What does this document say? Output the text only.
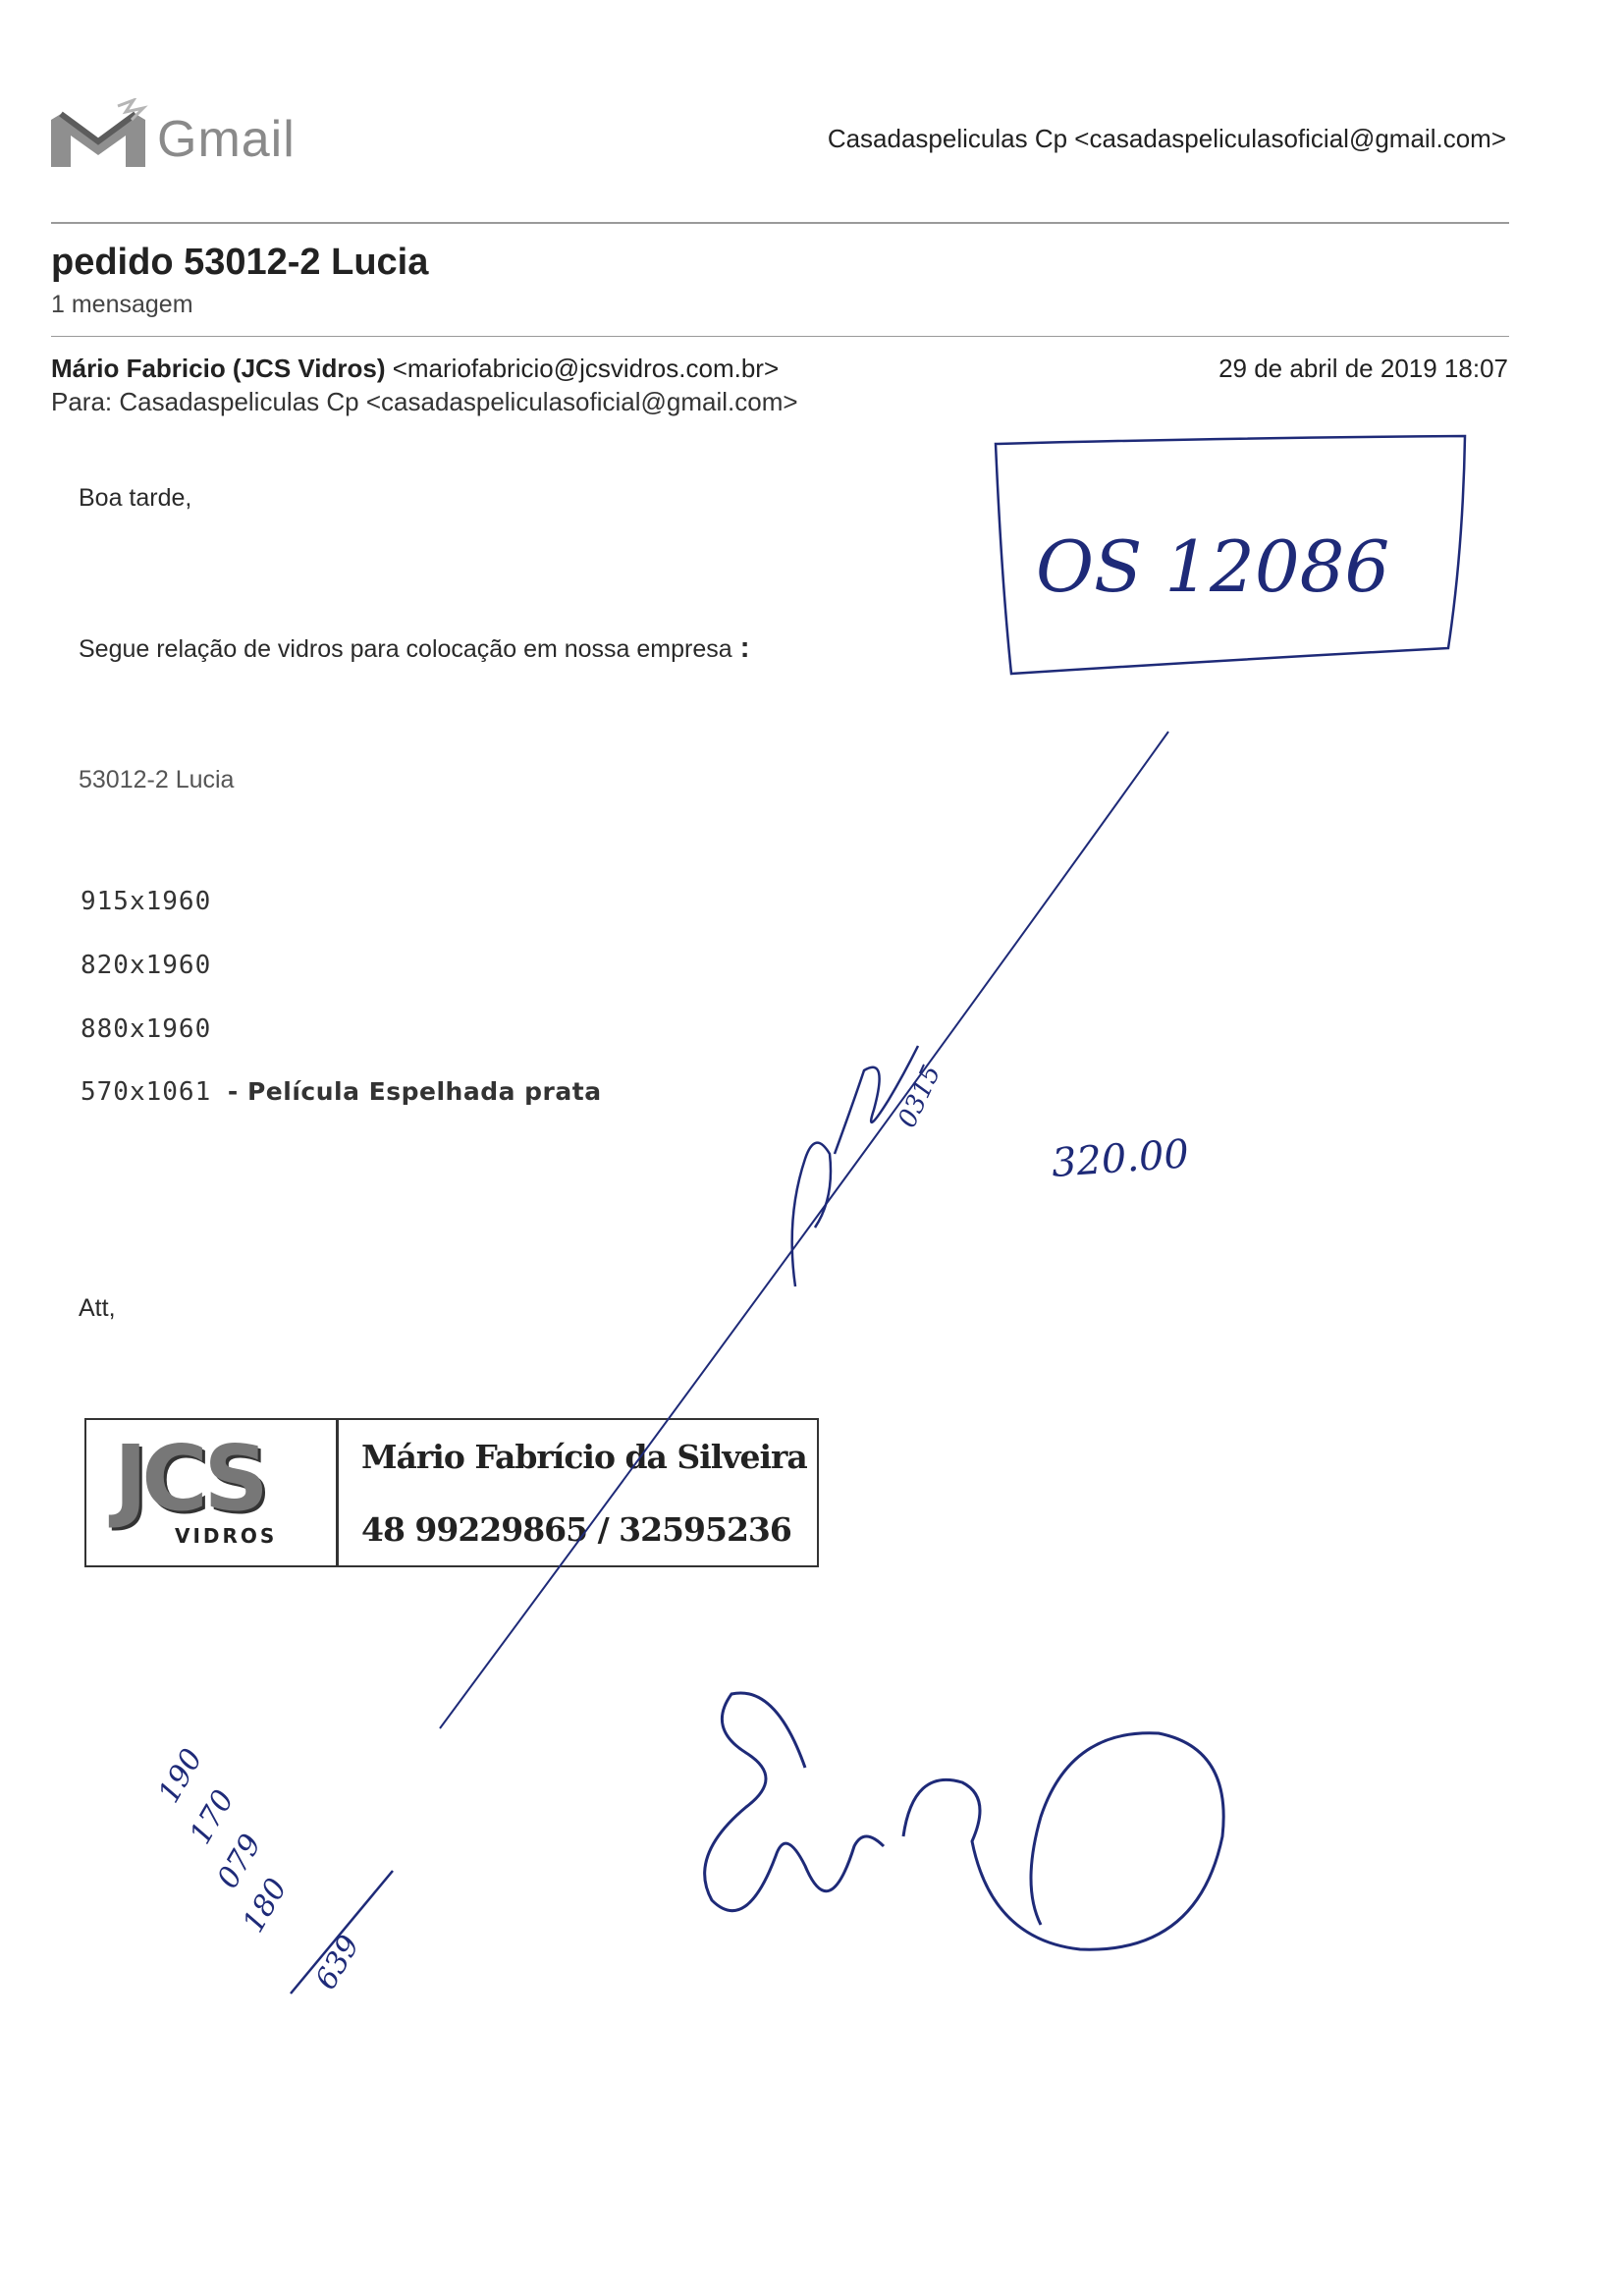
Gmail	Casadaspeliculas Cp <casadaspeliculasoficial@gmail.com>
pedido 53012-2 Lucia
1 mensagem
Mário Fabricio (JCS Vidros) <mariofabricio@jcsvidros.com.br>
Para: Casadaspeliculas Cp <casadaspeliculasoficial@gmail.com>
29 de abril de 2019 18:07
Boa tarde,
Segue relação de vidros para colocação em nossa empresa :
53012-2 Lucia
915x1960
820x1960
880x1960
570x1061 - Película Espelhada prata
Att,
JCS
VIDROS
Mário Fabrício da Silveira
48 99229865 / 32595236
OS 12086
0315
320.00
190
170
079
180
639
